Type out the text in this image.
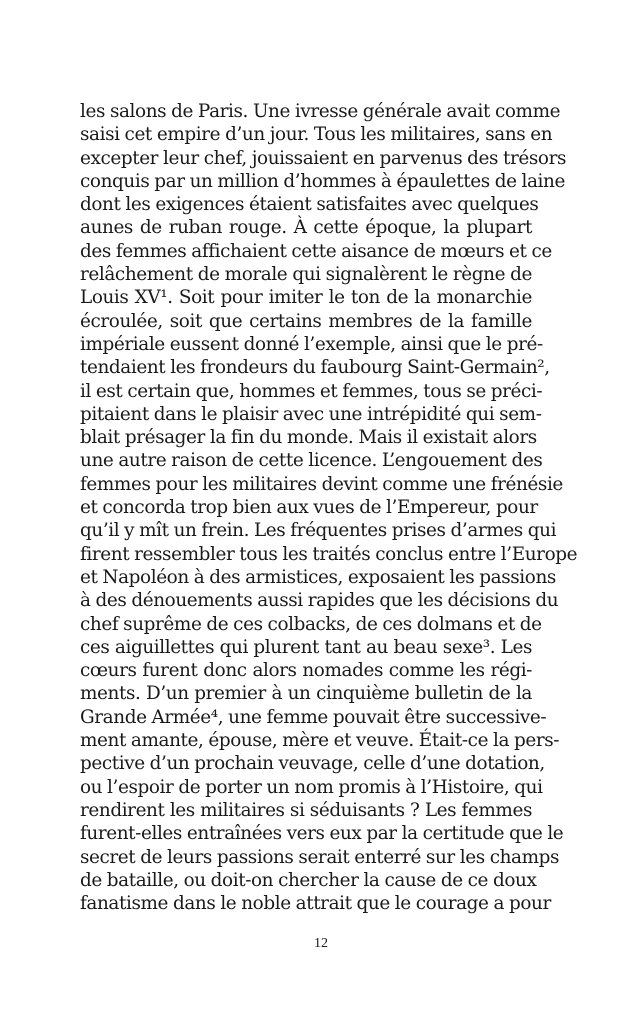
les salons de Paris. Une ivresse générale avait comme
saisi cet empire d’un jour. Tous les militaires, sans en
excepter leur chef, jouissaient en parvenus des trésors
conquis par un million d’hommes à épaulettes de laine
dont les exigences étaient satisfaites avec quelques
aunes de ruban rouge. À cette époque, la plupart
des femmes affichaient cette aisance de mœurs et ce
relâchement de morale qui signalèrent le règne de
Louis XV¹. Soit pour imiter le ton de la monarchie
écroulée, soit que certains membres de la famille
impériale eussent donné l’exemple, ainsi que le pré-
tendaient les frondeurs du faubourg Saint-Germain²,
il est certain que, hommes et femmes, tous se préci-
pitaient dans le plaisir avec une intrépidité qui sem-
blait présager la fin du monde. Mais il existait alors
une autre raison de cette licence. L’engouement des
femmes pour les militaires devint comme une frénésie
et concorda trop bien aux vues de l’Empereur, pour
qu’il y mît un frein. Les fréquentes prises d’armes qui
firent ressembler tous les traités conclus entre l’Europe
et Napoléon à des armistices, exposaient les passions
à des dénouements aussi rapides que les décisions du
chef suprême de ces colbacks, de ces dolmans et de
ces aiguillettes qui plurent tant au beau sexe³. Les
cœurs furent donc alors nomades comme les régi-
ments. D’un premier à un cinquième bulletin de la
Grande Armée⁴, une femme pouvait être successive-
ment amante, épouse, mère et veuve. Était-ce la pers-
pective d’un prochain veuvage, celle d’une dotation,
ou l’espoir de porter un nom promis à l’Histoire, qui
rendirent les militaires si séduisants ? Les femmes
furent-elles entraînées vers eux par la certitude que le
secret de leurs passions serait enterré sur les champs
de bataille, ou doit-on chercher la cause de ce doux
fanatisme dans le noble attrait que le courage a pour
12
